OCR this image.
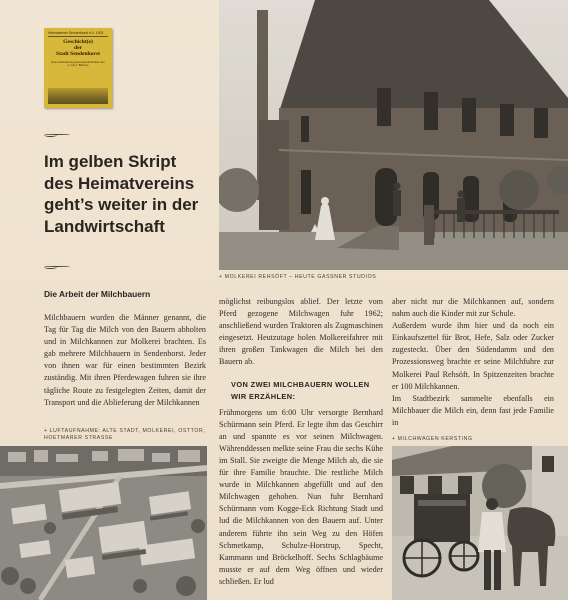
Heimatverein Sendenhorst e.V. 1923
Geschicht(e)
der
Stadt Sendenhorst
Eine Aufzeichnung des Heimatschriftes der J. und J. Böhmer
Im gelben Skript
des Heimatvereins
geht’s weiter in der
Landwirtschaft
Die Arbeit der Milchbauern

Milchbauern wurden die Männer genannt, die Tag für Tag die Milch von den Bauern abholten und in Milchkannen zur Molkerei brachten. Es gab mehrere Milchbauern in Sendenhorst. Jeder von ihnen war für einen bestimmten Bezirk zuständig. Mit ihren Pferdewagen fuhren sie ihre tägliche Route zu festgelegten Zeiten, damit der Transport und die Ablieferung der Milchkannen

+ LUFTAUFNAHME: ALTE STADT, MOLKEREI, OSTTOR, HOETMARER STRASSE

möglichst reibungslos ablief. Der letzte vom Pferd gezogene Milchwagen fuhr 1962; anschließend wurden Traktoren als Zugmaschinen eingesetzt. Heutzutage holen Molkereifahrer mit ihren großen Tankwagen die Milch bei den Bauern ab.

VON ZWEI MILCHBAUERN WOLLEN WIR ERZÄHLEN:

Frühmorgens um 6:00 Uhr versorgte Bernhard Schürmann sein Pferd. Er legte ihm das Geschirr an und spannte es vor seinen Milchwagen. Währenddessen melkte seine Frau die sechs Kühe im Stall. Sie zweigte die Menge Milch ab, die sie für ihre Familie brauchte. Die restliche Milch wurde in Milchkannen abgefüllt und auf den Milchwagen gehoben. Nun fuhr Bernhard Schürmann vom Kogge-Eck Richtung Stadt und lud die Milchkannen von den Bauern auf. Unter anderem führte ihn sein Weg zu den Höfen Schmetkamp, Schulze-Horstrup, Specht, Kammann und Bröckelhoff. Sechs Schlagbäume musste er auf dem Weg öffnen und wieder schließen. Er lud

aber nicht nur die Milchkannen auf, sondern nahm auch die Kinder mit zur Schule.

Außerdem wurde ihm hier und da noch ein Einkaufszettel für Brot, Hefe, Salz oder Zucker zugesteckt. Über den Südendamm und den Prozessionsweg brachte er seine Milchfuhre zur Molkerei Paul Rehsöft. In Spitzenzeiten brachte er 100 Milchkannen.

Im Stadtbezirk sammelte ebenfalls ein Milchbauer die Milch ein, denn fast jede Familie in

+ MILCHWAGEN KERSTING
+ MOLKEREI REHSÖFT – HEUTE GASSNER STUDIOS
